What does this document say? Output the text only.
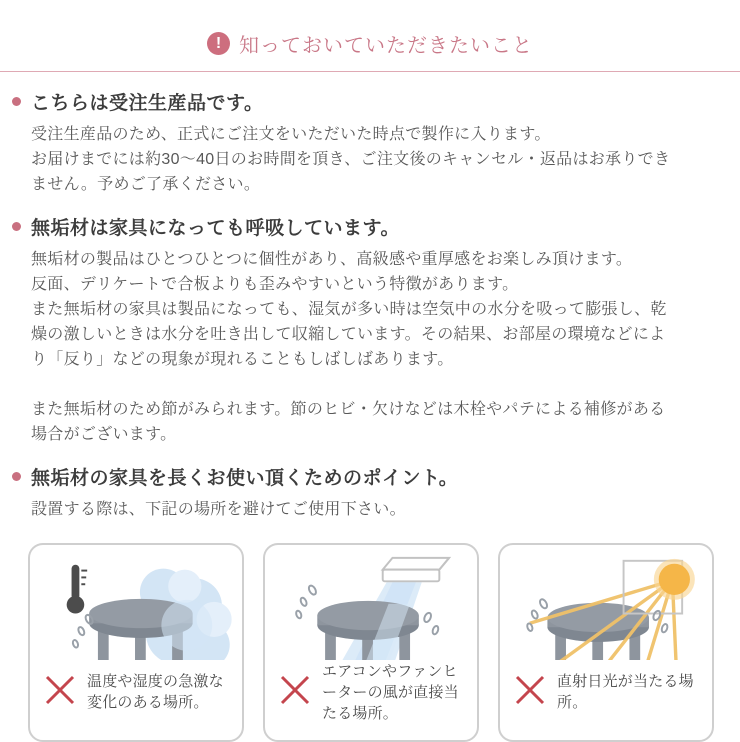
! 知っておいていただきたいこと
こちらは受注生産品です。
受注生産品のため、正式にご注文をいただいた時点で製作に入ります。
お届けまでには約30〜40日のお時間を頂き、ご注文後のキャンセル・返品はお承りできません。予めご了承ください。
無垢材は家具になっても呼吸しています。
無垢材の製品はひとつひとつに個性があり、高級感や重厚感をお楽しみ頂けます。
反面、デリケートで合板よりも歪みやすいという特徴があります。
また無垢材の家具は製品になっても、湿気が多い時は空気中の水分を吸って膨張し、乾燥の激しいときは水分を吐き出して収縮しています。その結果、お部屋の環境などにより「反り」などの現象が現れることもしばしばあります。
また無垢材のため節がみられます。節のヒビ・欠けなどは木栓やパテによる補修がある場合がございます。
無垢材の家具を長くお使い頂くためのポイント。
設置する際は、下記の場所を避けてご使用下さい。
温度や湿度の急激な変化のある場所。
エアコンやファンヒーターの風が直接当たる場所。
直射日光が当たる場所。
